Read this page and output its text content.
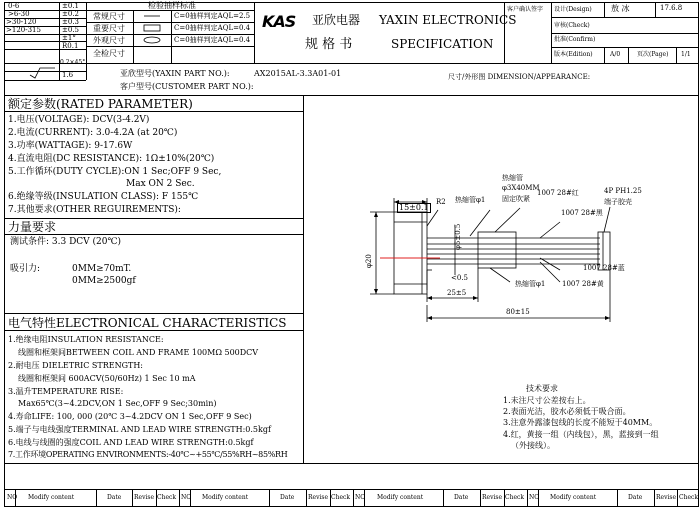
0-6	±0.1
>6-30	±0.2
>30-120	±0.3
>120-315	±0.5
±1°
R0.1
0.2×45°
1.6
检验抽样标准
常规尺寸	C=0抽样判定AQL=2.5
重要尺寸	C=0抽样判定AQL=0.4
外观尺寸	C=0抽样判定AQL=0.4
全检尺寸
KAS 亚欣电器 YAXIN ELECTRONICS
规 格 书	SPECIFICATION
客户确认签字 设计(Design) 敖 冰	17.6.8
审核(Check)
批准(Confirm)
版本(Edition)	A/0	页次(Page) 1/1
亚欣型号(YAXIN PART NO.):	AX2015AL-3.3A01-01
客户型号(CUSTOMER PART NO.):
尺寸/外形图 DIMENSION/APPEARANCE:
额定参数(RATED PARAMETER)
1.电压(VOLTAGE): DCV(3-4.2V)
2.电流(CURRENT): 3.0-4.2A (at 20℃)
3.功率(WATTAGE): 9-17.6W
4.直流电阻(DC RESISTANCE): 1Ω±10%(20℃)
5.工作循环(DUTY CYCLE):ON 1 Sec;OFF 9 Sec,
Max ON 2 Sec.
6.绝缘等级(INSULATION CLASS): F 155℃
7.其他要求(OTHER REGUIREMENTS):
力量要求
测试条件: 3.3 DCV (20℃)
吸引力:	0MM≥70mT.
0MM≥2500gf
电气特性ELECTRONICAL CHARACTERISTICS
1.绝缘电阻INSULATION RESISTANCE:
线圈和框架间BETWEEN COIL AND FRAME 100MΩ 500DCV
2.耐电压 DIELETRIC STRENGTH:
线圈和框架间 600ACV(50/60Hz) 1 Sec 10 mA
3.温升TEMPERATURE RISE:
Max65℃(3~4.2DCV,ON 1 Sec,OFF 9 Sec;30min)
4.寿命LIFE: 100, 000 (20℃ 3~4.2DCV ON 1 Sec,OFF 9 Sec)
5.端子与电线强度TERMINAL AND LEAD WIRE STRENGTH:0.5kgf
6.电线与线圈的强度COIL AND LEAD WIRE STRENGTH:0.5kgf
7.工作环境OPERATING ENVIRONMENTS:-40℃~+55℃/55%RH~85%RH
15±0.1
R2 热缩管φ1
热缩管
φ3X40MM
固定吹紧
4P PH1.25
端子胶壳
1007 28#红
1007 28#黑
1007 28#蓝
1007 28#黄
热缩管φ1
φ5±0.5
φ20
<0.5
25±5
80±15
技术要求
1.未注尺寸公差按右上。
2.表面光洁，胶水必须低于吸合面。
3.注意外露漆包线的长度不能短于40MM。
4.红，黄接一组（内线包），黑，蓝接到一组
（外接线）。
NO Modify content	Date Revise Check NO Modify content	Date Revise Check NO Modify content	Date Revise Check NO Modify content	Date Revise Check
